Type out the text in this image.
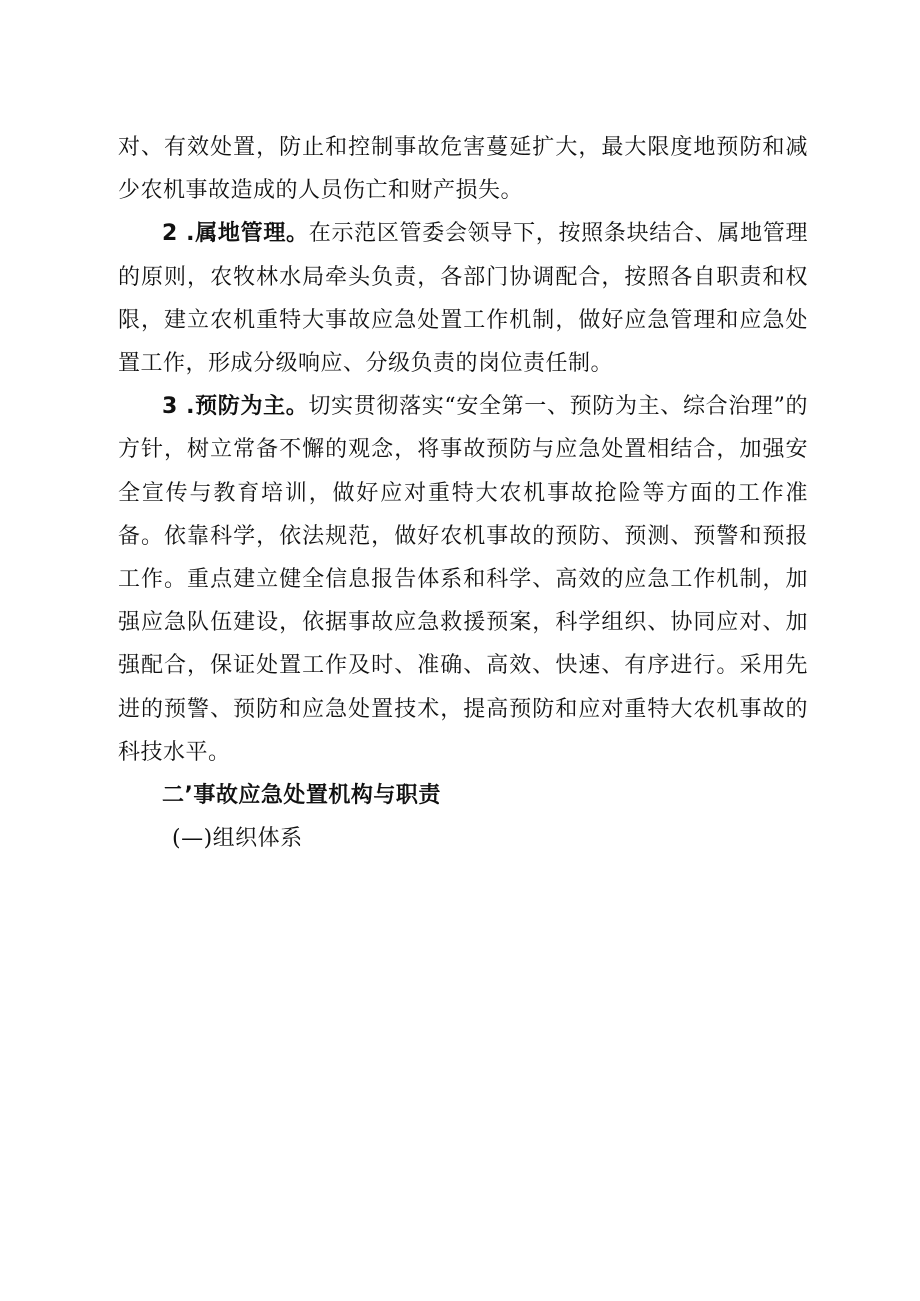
对、有效处置，防止和控制事故危害蔓延扩大，最大限度地预防和减少农机事故造成的人员伤亡和财产损失。

2 .属地管理。在示范区管委会领导下，按照条块结合、属地管理的原则，农牧林水局牵头负责，各部门协调配合，按照各自职责和权限，建立农机重特大事故应急处置工作机制，做好应急管理和应急处置工作，形成分级响应、分级负责的岗位责任制。

3 .预防为主。切实贯彻落实“安全第一、预防为主、综合治理”的方针，树立常备不懈的观念，将事故预防与应急处置相结合，加强安全宣传与教育培训，做好应对重特大农机事故抢险等方面的工作准备。依靠科学，依法规范，做好农机事故的预防、预测、预警和预报工作。重点建立健全信息报告体系和科学、高效的应急工作机制，加强应急队伍建设，依据事故应急救援预案，科学组织、协同应对、加强配合，保证处置工作及时、准确、高效、快速、有序进行。采用先进的预警、预防和应急处置技术，提高预防和应对重特大农机事故的科技水平。

二’事故应急处置机构与职责

(—)组织体系
